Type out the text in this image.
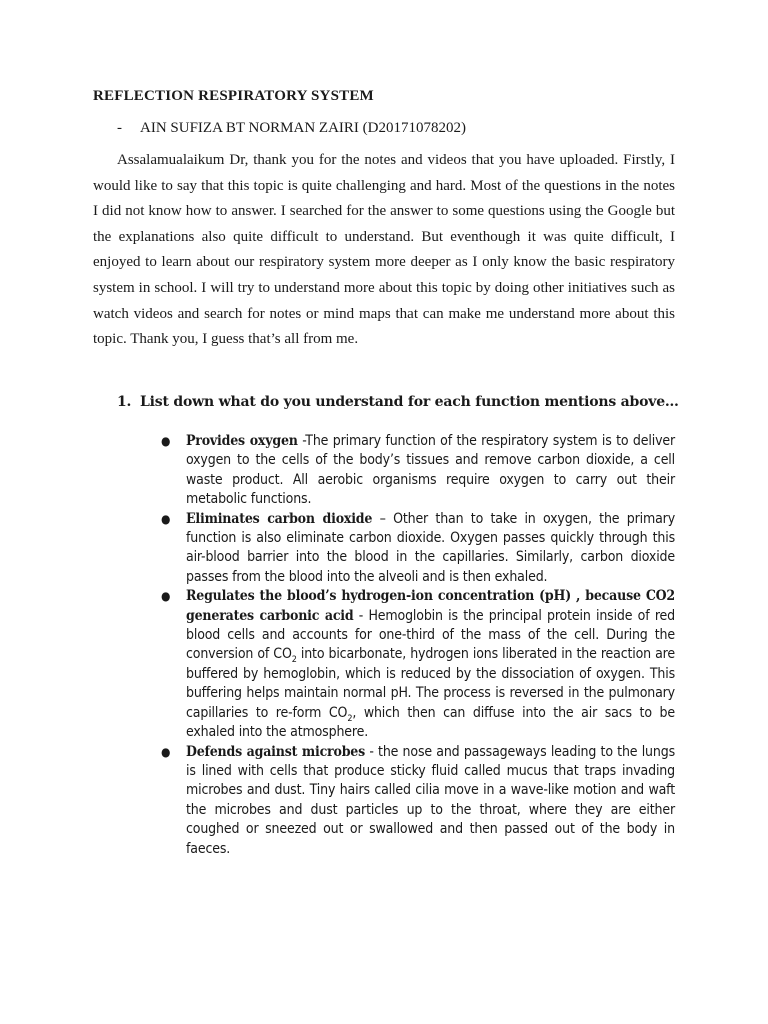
REFLECTION RESPIRATORY SYSTEM
- AIN SUFIZA BT NORMAN ZAIRI (D20171078202)

Assalamualaikum Dr, thank you for the notes and videos that you have uploaded. Firstly, I would like to say that this topic is quite challenging and hard. Most of the questions in the notes I did not know how to answer. I searched for the answer to some questions using the Google but the explanations also quite difficult to understand. But eventhough it was quite difficult, I enjoyed to learn about our respiratory system more deeper as I only know the basic respiratory system in school. I will try to understand more about this topic by doing other initiatives such as watch videos and search for notes or mind maps that can make me understand more about this topic. Thank you, I guess that’s all from me.

1. List down what do you understand for each function mentions above…
● Provides oxygen -The primary function of the respiratory system is to deliver oxygen to the cells of the body’s tissues and remove carbon dioxide, a cell waste product. All aerobic organisms require oxygen to carry out their metabolic functions.
● Eliminates carbon dioxide – Other than to take in oxygen, the primary function is also eliminate carbon dioxide. Oxygen passes quickly through this air-blood barrier into the blood in the capillaries. Similarly, carbon dioxide passes from the blood into the alveoli and is then exhaled.
● Regulates the blood’s hydrogen-ion concentration (pH) , because CO2 generates carbonic acid - Hemoglobin is the principal protein inside of red blood cells and accounts for one-third of the mass of the cell. During the conversion of $CO_2$ into bicarbonate, hydrogen ions liberated in the reaction are buffered by hemoglobin, which is reduced by the dissociation of oxygen. This buffering helps maintain normal pH. The process is reversed in the pulmonary capillaries to re-form $CO_2$, which then can diffuse into the air sacs to be exhaled into the atmosphere.
● Defends against microbes - the nose and passageways leading to the lungs is lined with cells that produce sticky fluid called mucus that traps invading microbes and dust. Tiny hairs called cilia move in a wave-like motion and waft the microbes and dust particles up to the throat, where they are either coughed or sneezed out or swallowed and then passed out of the body in faeces.
